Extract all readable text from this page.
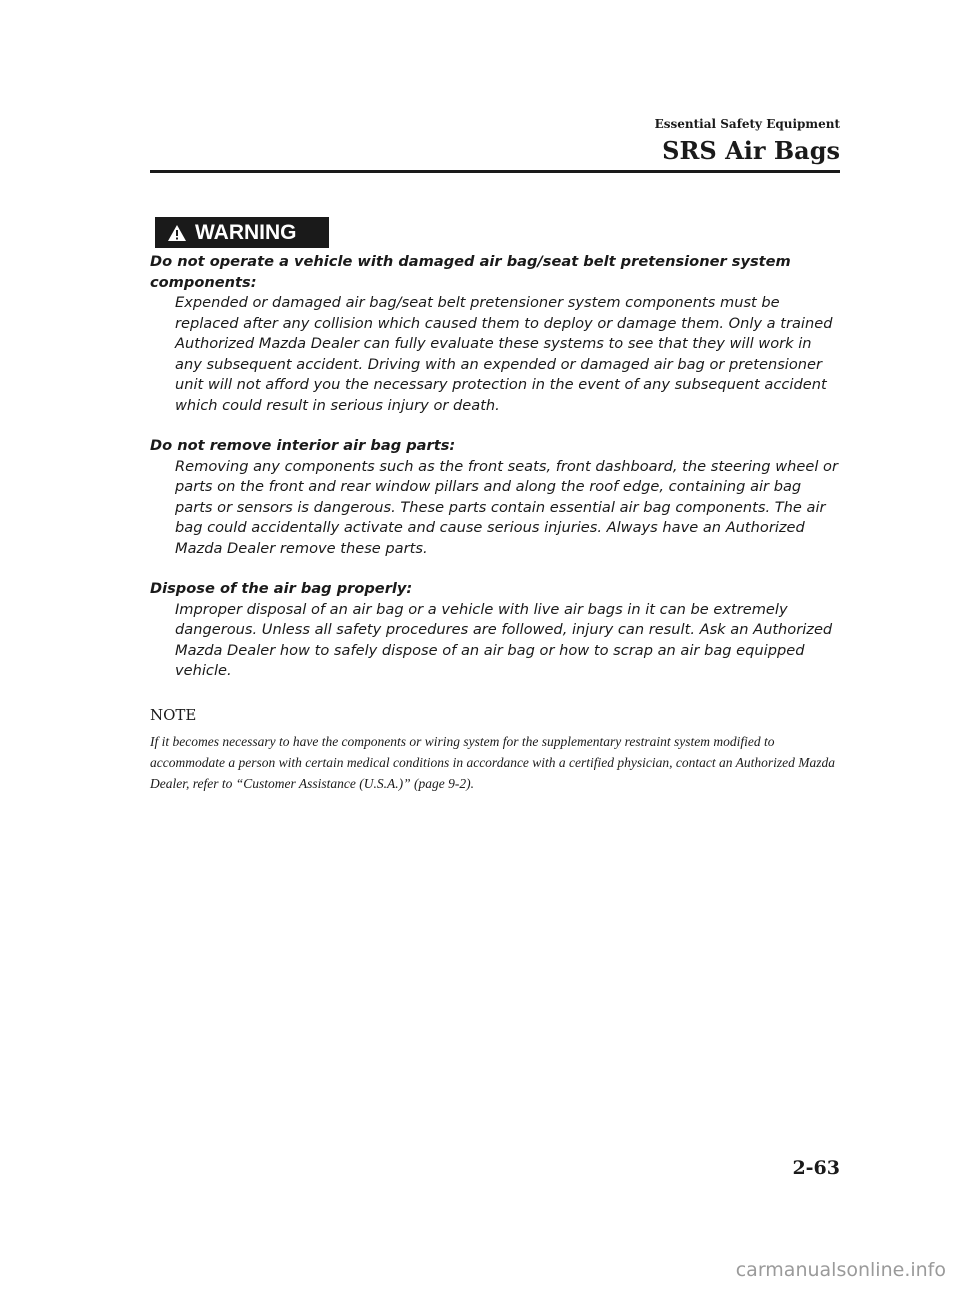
Essential Safety Equipment
SRS Air Bags
WARNING
Do not operate a vehicle with damaged air bag/seat belt pretensioner system components:
Expended or damaged air bag/seat belt pretensioner system components must be replaced after any collision which caused them to deploy or damage them. Only a trained Authorized Mazda Dealer can fully evaluate these systems to see that they will work in any subsequent accident. Driving with an expended or damaged air bag or pretensioner unit will not afford you the necessary protection in the event of any subsequent accident which could result in serious injury or death.
Do not remove interior air bag parts:
Removing any components such as the front seats, front dashboard, the steering wheel or parts on the front and rear window pillars and along the roof edge, containing air bag parts or sensors is dangerous. These parts contain essential air bag components. The air bag could accidentally activate and cause serious injuries. Always have an Authorized Mazda Dealer remove these parts.
Dispose of the air bag properly:
Improper disposal of an air bag or a vehicle with live air bags in it can be extremely dangerous. Unless all safety procedures are followed, injury can result. Ask an Authorized Mazda Dealer how to safely dispose of an air bag or how to scrap an air bag equipped vehicle.
NOTE
If it becomes necessary to have the components or wiring system for the supplementary restraint system modified to accommodate a person with certain medical conditions in accordance with a certified physician, contact an Authorized Mazda Dealer, refer to “Customer Assistance (U.S.A.)” (page 9-2).
2-63
carmanualsonline.info
